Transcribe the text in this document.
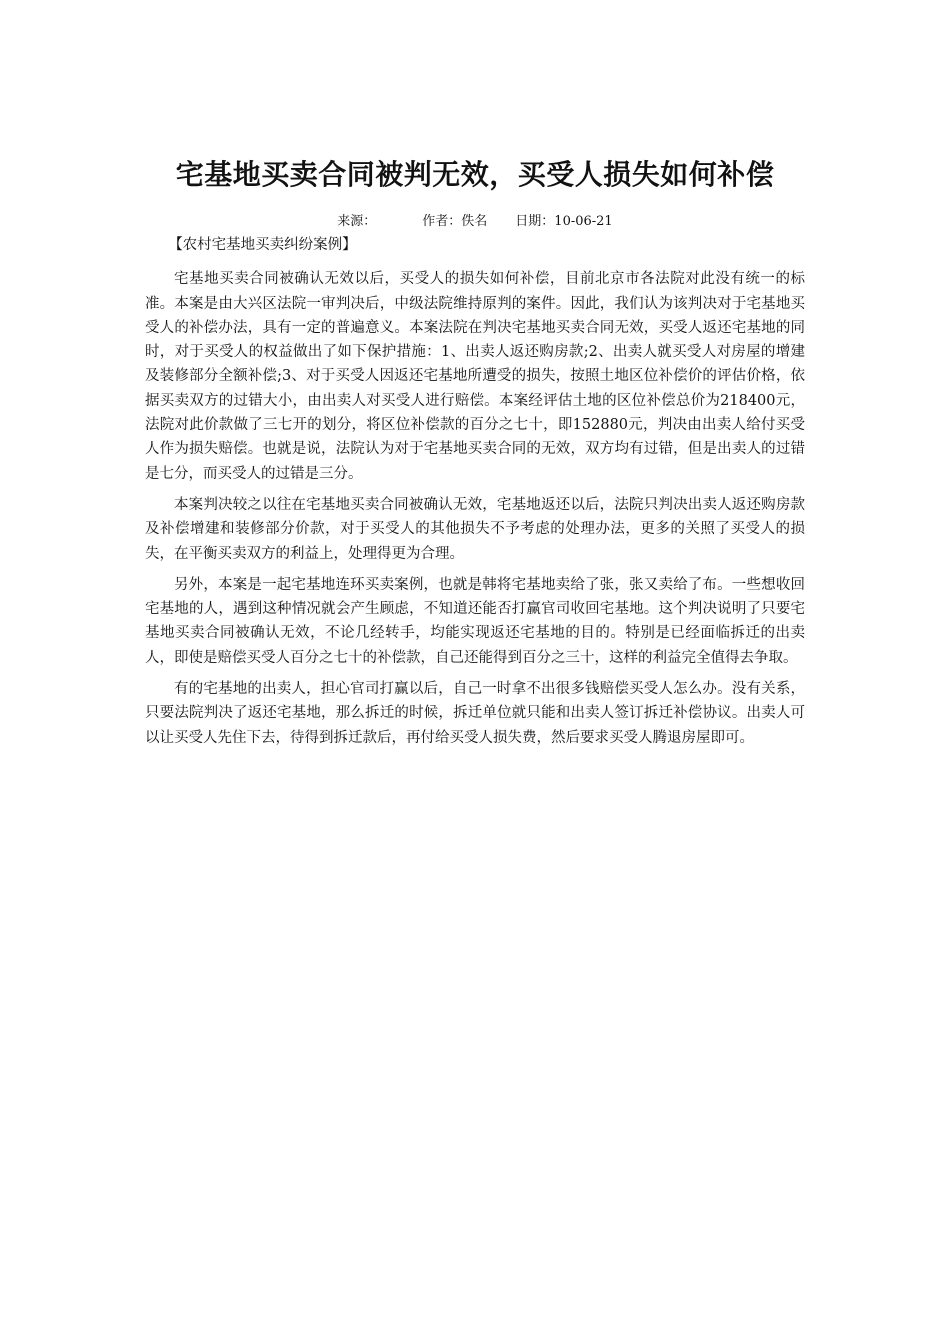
宅基地买卖合同被判无效，买受人损失如何补偿
来源：	作者：佚名 日期：10-06-21

【农村宅基地买卖纠纷案例】

宅基地买卖合同被确认无效以后，买受人的损失如何补偿，目前北京市各法院对此没有统一的标准。本案是由大兴区法院一审判决后，中级法院维持原判的案件。因此，我们认为该判决对于宅基地买受人的补偿办法，具有一定的普遍意义。本案法院在判决宅基地买卖合同无效，买受人返还宅基地的同时，对于买受人的权益做出了如下保护措施：1、出卖人返还购房款;2、出卖人就买受人对房屋的增建及装修部分全额补偿;3、对于买受人因返还宅基地所遭受的损失，按照土地区位补偿价的评估价格，依据买卖双方的过错大小，由出卖人对买受人进行赔偿。本案经评估土地的区位补偿总价为218400元，法院对此价款做了三七开的划分，将区位补偿款的百分之七十，即152880元，判决由出卖人给付买受人作为损失赔偿。也就是说，法院认为对于宅基地买卖合同的无效，双方均有过错，但是出卖人的过错是七分，而买受人的过错是三分。

本案判决较之以往在宅基地买卖合同被确认无效，宅基地返还以后，法院只判决出卖人返还购房款及补偿增建和装修部分价款，对于买受人的其他损失不予考虑的处理办法，更多的关照了买受人的损失，在平衡买卖双方的利益上，处理得更为合理。

另外，本案是一起宅基地连环买卖案例，也就是韩将宅基地卖给了张，张又卖给了布。一些想收回宅基地的人，遇到这种情况就会产生顾虑，不知道还能否打赢官司收回宅基地。这个判决说明了只要宅基地买卖合同被确认无效，不论几经转手，均能实现返还宅基地的目的。特别是已经面临拆迁的出卖人，即使是赔偿买受人百分之七十的补偿款，自己还能得到百分之三十，这样的利益完全值得去争取。

有的宅基地的出卖人，担心官司打赢以后，自己一时拿不出很多钱赔偿买受人怎么办。没有关系，只要法院判决了返还宅基地，那么拆迁的时候，拆迁单位就只能和出卖人签订拆迁补偿协议。出卖人可以让买受人先住下去，待得到拆迁款后，再付给买受人损失费，然后要求买受人腾退房屋即可。
